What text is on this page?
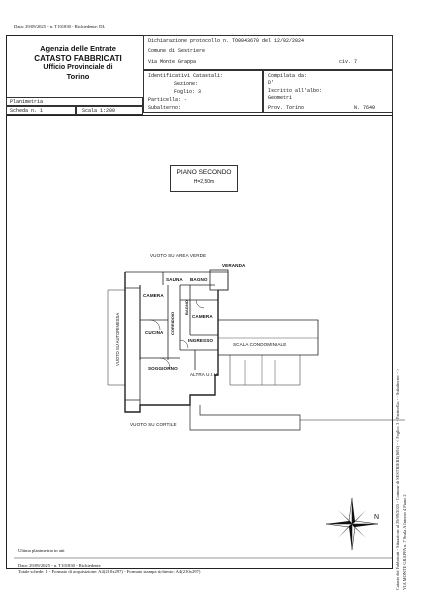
Data: 29/09/2025 - n. T101830 - Richiedente: DL
Agenzia delle Entrate
CATASTO FABBRICATI
Ufficio Provinciale di
Torino
Dichiarazione protocollo n. TO0043670 del 12/02/2024
Comune di Sestriere
Via Monte Grappa	civ. 7
Identificativi Catastali:
Sezione:
Foglio: 3
Particella: -
Subalterno:
Compilata da:
D'
Iscritto all'albo:
Geometri
Prov. Torino	N. 7640
Planimetria
Scheda n. 1	Scala 1:200
PIANO SECONDO
H=2,50m
VUOTO SU AREA VERDE
VERANDA
SAUNA BAGNO
CAMERA
CAMERA
CUCINA
INGRESSO
SOGGIORNO
SCALA CONDOMINIALE
ALTRA U.I.U.
VUOTO SU CORTILE
VUOTO SU AUTORIMESSA	CORRIDOIO
BAGNO
N	Catasto dei Fabbricati - Situazione al 29/09/2025 - Comune di SESTRIERE(I692) - < Foglio: 3 - Particella: - - Subalterno: - > VIA MONTE GRAPPA n. 7 Scala A Interno 4 Piano 2
Ultima planimetria in atti
Data: 29/09/2025 - n. T101830 - Richiedente
Totale schede: 1 - Formato di acquisizione: A4(210x297) - Formato stampa richiesto: A4(210x297)
